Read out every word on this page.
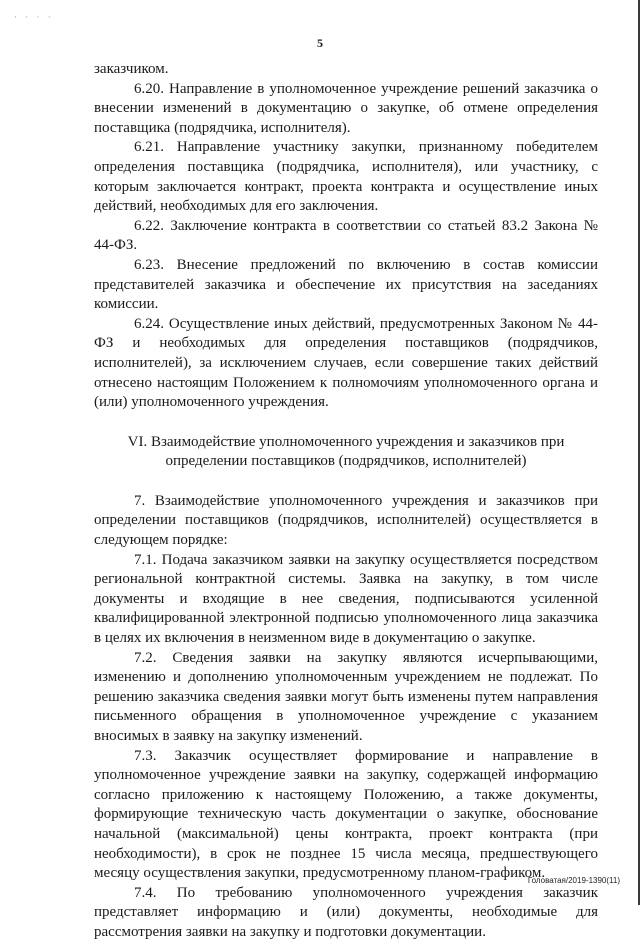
· · · ·
5

заказчиком.

6.20. Направление в уполномоченное учреждение решений заказчика о внесении изменений в документацию о закупке, об отмене определения поставщика (подрядчика, исполнителя).

6.21. Направление участнику закупки, признанному победителем определения поставщика (подрядчика, исполнителя), или участнику, с которым заключается контракт, проекта контракта и осуществление иных действий, необходимых для его заключения.

6.22. Заключение контракта в соответствии со статьей 83.2 Закона № 44-ФЗ.

6.23. Внесение предложений по включению в состав комиссии представителей заказчика и обеспечение их присутствия на заседаниях комиссии.

6.24. Осуществление иных действий, предусмотренных Законом № 44-ФЗ и необходимых для определения поставщиков (подрядчиков, исполнителей), за исключением случаев, если совершение таких действий отнесено настоящим Положением к полномочиям уполномоченного органа и (или) уполномоченного учреждения.

VI. Взаимодействие уполномоченного учреждения и заказчиков при
определении поставщиков (подрядчиков, исполнителей)

7. Взаимодействие уполномоченного учреждения и заказчиков при определении поставщиков (подрядчиков, исполнителей) осуществляется в следующем порядке:

7.1. Подача заказчиком заявки на закупку осуществляется посредством региональной контрактной системы. Заявка на закупку, в том числе документы и входящие в нее сведения, подписываются усиленной квалифицированной электронной подписью уполномоченного лица заказчика в целях их включения в неизменном виде в документацию о закупке.

7.2. Сведения заявки на закупку являются исчерпывающими, изменению и дополнению уполномоченным учреждением не подлежат. По решению заказчика сведения заявки могут быть изменены путем направления письменного обращения в уполномоченное учреждение с указанием вносимых в заявку на закупку изменений.

7.3. Заказчик осуществляет формирование и направление в уполномоченное учреждение заявки на закупку, содержащей информацию согласно приложению к настоящему Положению, а также документы, формирующие техническую часть документации о закупке, обоснование начальной (максимальной) цены контракта, проект контракта (при необходимости), в срок не позднее 15 числа месяца, предшествующего месяцу осуществления закупки, предусмотренному планом-графиком.

7.4. По требованию уполномоченного учреждения заказчик представляет информацию и (или) документы, необходимые для рассмотрения заявки на закупку и подготовки документации.

Головатая/2019-1390(11)
